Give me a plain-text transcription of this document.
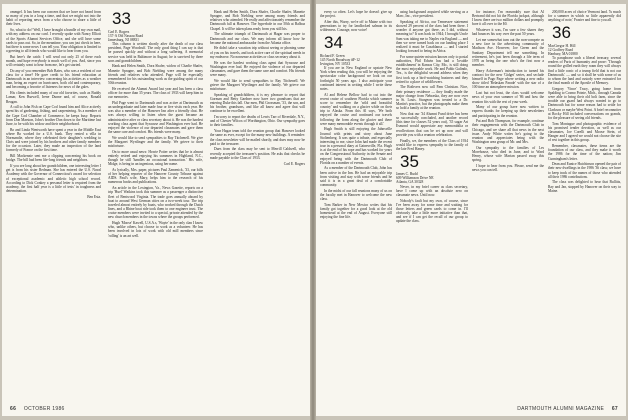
ommgel. It has been our concern that we have not heard from so many of you in a long a time, and that we might not into the habit of reporting news from a who choose to share a little of their lives.

So, what to do? Well, I have brought a bundle of my own mail, with my address on our card. I recently spoke with Nancy Elliott of the Sports Alumni Services Office, and she will have some cards to pass out. So, in the meantime, you can just check in here, but there is some news I can tell you. Your obligation is limited to a greeting to all friends who would like to hear from you.

But here's the catch: I will send out only 25 of these each month, and hope everybody is much well of you. And, since you will certainly want to hear from me, let's get started.

Do any of you remember Bob Bates, who was a resident of our class for a time? He gave credit to his friend education at Dartmouth in an interview concerning his activities as a weather man, being an expert on hurricanes, both old and contemporary, and becoming a favorite of listeners for news of the gales.

His clients included many of our old favorites, such as Buddy Lamar, Ken Burwell, Irene Dunne and, of course, Ronald Reagan.

A call to John Fish on Cape Cod found him and Alice actively spent his of gardening, fishing, and carpentering. As a member of the Cape Cod Chamber of Commerce, he keeps busy. Reports from Don Marston, John's brother Don down to the Maritime last June, to be with his widow and their neighborhood.

Bo and Linda Wentworth have spent a year in the Middle East where Bo worked for a U.S. bank. They rented a villa in Normandie, where they celebrated their daughter's wedding to Chris and were joined by his brothers and other family members for the occasion. Later, they made an inspection of the land formerly of France on the first time.

Bill Mackenzie sent me a clipping concerning his book on bridge. The bill had been life-long friends and neighbors.

If you see long about her grandchildren, one interesting letter I get is from his sister Redman. She has entered the U.S. Naval Academy with the Governor of Connecticut's award for selection of exceptional academic and athletic high school record. According to Dick Conkey a personal letter is required from the academy, the first half year is a little of tests' in toughness and determination.

Ben Esta.

33

Carl E. Rogers

137-A Old Nassau Road

Jamesburg, NJ 08831

This column is written shortly after the death of our class president, Page Woodruff. The only good thing I can say is that he passed quickly and without a long suffering. A memorial service was held in Baltimore in August; he is survived by three sons and grandchildren.

Hank and Helen Smith, Dora Shafer, widow of Charlie Shafer, Manette Spragne, and Bob Niebling were among the many friends and relatives who attended. Page will be especially remembered for his outstanding work as the guiding spirit of our 50th reunion.

He received the Alumni Award last year and has been a class officer for more than 35 years. The class of 1933 will keep him in our memories.

Phil Page went to Dartmouth and was active at Dartmouth as an undergraduate and later made four or five visits each year. He was also a member of the Hanover Inn after a friendly chat. He was always willing to listen when the guest became an administrative after or class secretary about it. He was the hardest working class agent that Syracuse and Washington ever had. He enjoyed the violence of our departed classmates and gave them the same care and comfort. His friends were many.

We would like to send sympathies to Ray Titchenell. We give the Margaret Wyrtlinger and the family. We grieve to their misfortune.

On to more usual news: Howie Potter writes that he is almost entirely retired and enjoying his summers in Highland, N.C., though he still 'handles an occasional transaction.' His wife, Midge, is being in an ingenious, using her name.

As lyrically, Mrs. paper, pictures Paul Zamenick, '33, our bills of her helping reporter of the Hanover County Tribune against AIDS. Paul's wife, Mary, helps him to the research of his numerous books and publications.

An article in the Lexington, Va., News Gazette, reports on a trip 'Huel' Watkins took this summer as a passenger a distinctive fleet of Bentwood Virginia. The trade goes annually aboard by boat to around West German cities on a two-week tour. The trip traveled almost entirely by boats, who worked through the Dutch lines, and a Rhine boat ride took them to one engineer trust. The cruise members were invited to a special, private attended by the new church members in the towns where the groups performed.

Hugh 'Moose' Kawell, U.S.A.s, 'Wayte' in the only clan I know who, unlike others, but choose to work as a volunteer. He has been involved in lots of work with old mill members since 'rolling' is an art well.

Hank and Helen Smith, Dora Shafer, Charlie Shafer, Manette Spragne, and Bob Niebling were among many friends and relatives who attended. He really and affectionately remember the Dartmouth fall at Hanover. The hyperbole in our 50th at Balboa Chapel. It will be taken plans.ready from you still his.

The ultimate triumph of Dartmouth at Hagar was proper to Dartmouth and our class. We may inform all know how he became the national ambassador from the Atlanta office.

He didn't take a vacation trip without seeing or phoning some of you on his travels, and took active care of the spiritual needs in my endeavor. No nonsense activities or class secretary about it.

He was the hardest working class agent that Syracuse and Washington ever had. He enjoyed the violence of our departed classmates, and gave them the same care and comfort. His friends were many.

We would like to send sympathies to Ray Titchenell. We grieve the Margaret Wyrtlinger and the family. We grieve our misfortune.

Speaking of grandchildren, it is my pleasure to report that Gorman and Betty Gardner now have two grandsons that are entering Duke this fall. Our men, Phil Grossman, '33, the son, and his brother, grandsons, and like all know and agree that will continue to be excellent.

I'm sorry to report the deaths of Lewis Tarr of Riverdale, N.Y., and of Chester Wilcox of Worthington, Ohio. Our sympathy goes to their families.

Your Hagar team told the reunion group that Hanover looked the same as ever, except for the many new buildings. A reminder: the class newsletter will be mailed shortly, and dues may now be paid to the treasurer.

Dues from the class may be sent to Merrill Caldwell, who recently accepted the treasurer's position. He asks that checks be made payable to the Class of 1933.

Carl E. Rogers

66 OCTOBER 1986

every so often. Let's hope he doesn't give up the project.

After this, Warry, we're off to Maine with two generations to try for landlocked salmon in its wilderness. Courage, now voice!

34

Richard F. Green

145 North Broadway #F-12

Irvington, NY 10533

If you are in New England or upstate New York when reading this, you will be enjoying the spectacular color background we look on our forthright 50 years ago. I also anticipate your continued interest in writing while I write these notes.

Al and Helene Bellow had to cut into the recent cruise of southern Florida which summer score to remember the 'wild and beautiful country' and walking on a glacier while on their trip to Alaska. From this Al says, 'We both enjoyed the cruise and continued our travels following the form along the glacier and there were many memorable events through it all.'

Hugh Smith is still enjoying the Jahnsville Journal with prints and story about June Stoltenberg. It was quite a tribute, and especially interesting to me, since John had made the recent tour in a personal diary at Gainesville, Fla. Hugh is at the end of his rope and has worked for years on the Congressional Authority in the Senate and enjoyed being with the Dartmouth Club of Florida on a number of events.

As a member of the Dartmouth Club, John has been active in the Inn. He had an enjoyable trip from visiting and stay with some friends and he said it is in a great deal of a comfortable community.

In the midst of our fall reunions many of us on the faculty met in Hanover to welcome the new class.

Tom Barker in New Mexico writes that his family got together for a good look at the old homestead at the end of August. Everyone still enjoying the fine life.

using background acquired while serving as a Marc, Inc., vice president.

Speaking of Africa, our Tennessee statement showed 29 percent of the class had been there. I wonder if anyone got there, as I did, without meaning to? It was back in 1944; I brought Uncle Sam was taking me to Naples via England — and then we were turned back on our landing place I realized it must be Casablanca — and I started looking forward to being in Africa.

For some quieter mission known only to postal authorities, Phil Edwin has had a 'lovable establishment' in Kansas City, Mo., is still doing the most enjoyable work. He and Pablo Galindo, Tex., is the delightful second address when they first took up a bird-watching business and they retired to a place of wildflowers.

The Rothvers now call Pam Christian. Nice, their primary residence — they finally made the major change from Nebraska, they are now over in St. Louis. Sturgeon was treated to a Dr. Martin's practice, but the photographs make them so hold a family at the reunion.

Now that our '34 Alumni Fund drive has been so successfully concluded, and another record (this time for classes 52 years out), '35 sugar Art Esmond would appreciate any memorabilia or recollections that can be set up now and will provide you with a reunion celebration.

Finally, we, the members of the Class of 1934 would like to express sympathy to the family of the late Fred Haney.

35

James C. Budd

609 Williamson Drive NE

Atlanta, GA 30328

Never, in my brief career as class secretary, have I come up with an absolute zero on classmate news. Until now.

Nobody's fault but my own, of course, since I've been away for some time and waiting for those letters and green cards to come in. I'll obviously take a little more initiative than that, and see if I can get the recall of our group to update the class.

for instance, I'm reasonably sure that Al Bertrand did not hit the Florida jackpot, although I know there are two million dollars and promptly bore it all over to the $0.

Whatever it was, I'm sure a few shares they had bounces his way over the past 50 years.

Let me somewhat turn out the non-compete as a new face in the advertising community of Madison Ave. However, Joe Green and the Sanitary Department tell me something. In retirement, he's just been through a life term of 1970 as being the one who's the first now a member.

Harry Ackerman's introduction to turned his contract for the new 'Gidget' series, and seclude himself in Pago Page where writing a new radio show titled 'Belaskan Parade' with the star of a 100 time an atmosphere mission.

Last but not least, the class would welcome news of your own summer of '86 and how the reunion fits with the rest of your week.

Many of our group have now written to express thanks for keeping up their newsletters and participating in the reunion.

Pat and Bob Thompson, for example, continue their engagements with the Dartmouth Club in Chicago, and we share all that news in the next issue. Andy White writes he's going to the reunion and appreciates being with the Washington area group of Mr. and Mrs.

Our sympathy to the families of Les Morehouse, who died in June, and to Ward Henry, whose wife Marian passed away this spring.

I hope to hear from you. Please, send me the news you can tell.

200,000 acres of choice Vermont land. 'Is much for a summer in which so little apparently did anything of note,' Frasier and fine to you all.

36

MacGregor H. Hill

12 Godfrey Road

Hanbury, MA 01880

To paraphrase such a liberal treasury, several readers of Paris of humanity and prose: 'Through round the grilled earth they roam they will always find a little conic of a trump field that is not our Dartmouth.' — and so it shall be with some of us to whom the land and custody were entrusted for the final month of the Apostle of Memory.

Gregory 'Vince' Tracy, going home from Spalding to Cosmo Pointe, Mich., through Canada were able to bring their old bolt farm, since the trouble our guard had always wanted to go to Dartmouth but for some reason had to settle for Clarkson or maybe West Point. A brief reconnoiter at Rocky Hill included conversations on grands, for the pleasure of seeing old friends.

Tom Montague and photographic evidence of his promised tender devotion, as well as our classmates, Joe Corelli and Moose Stein, of Hanger and I agreed we would not choose the site of rest together in this group.

Remember, classmates, these items are the foundation of our class, and they make it worth the 1986 for the time of the nation; Jim Cunningham's letter.

Dean and Eunice Hutchinson opened the pair of their new dwellings in the 1986 '36 class; we have to keep track of the names of those who attended all their 1986 contributions.

The class was delighted to hear that Bullitts, Ray and Jan, stopped by Hanover on their way to Maine.

DARTMOUTH ALUMNI MAGAZINE 67
